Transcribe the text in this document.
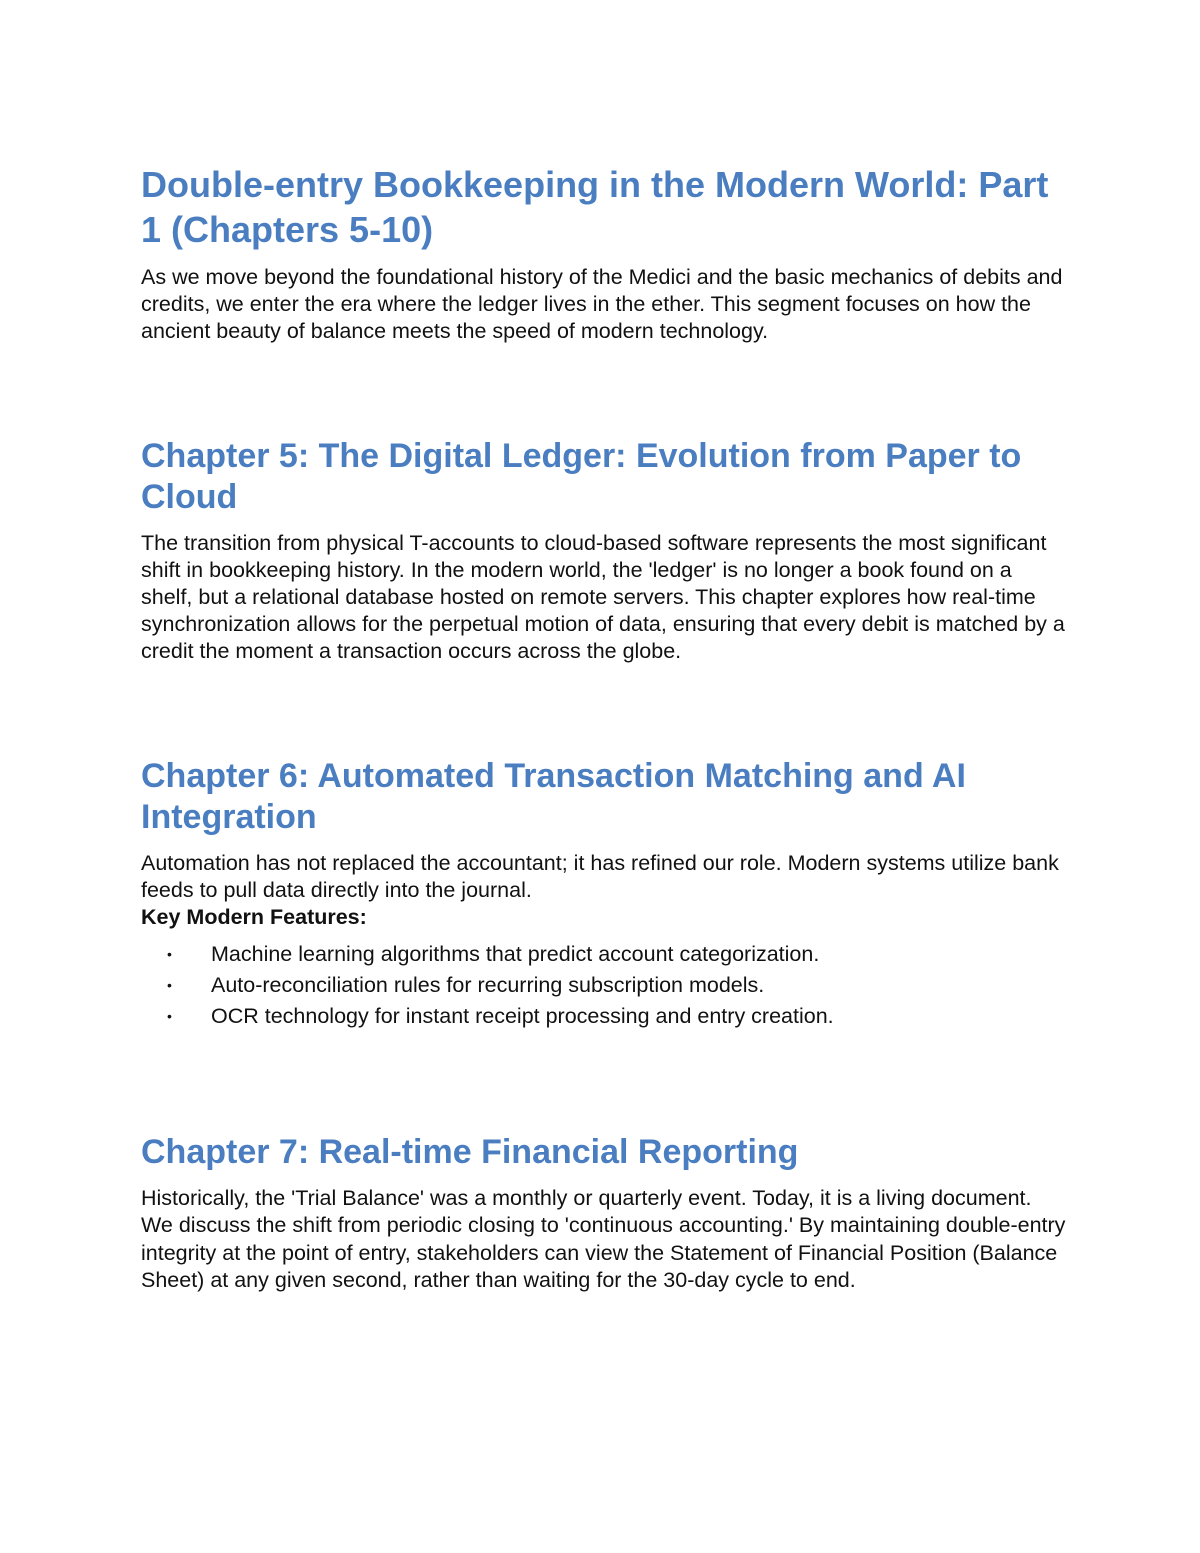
Double-entry Bookkeeping in the Modern World: Part 1 (Chapters 5-10)

As we move beyond the foundational history of the Medici and the basic mechanics of debits and credits, we enter the era where the ledger lives in the ether. This segment focuses on how the ancient beauty of balance meets the speed of modern technology.

Chapter 5: The Digital Ledger: Evolution from Paper to Cloud

The transition from physical T-accounts to cloud-based software represents the most significant shift in bookkeeping history. In the modern world, the 'ledger' is no longer a book found on a shelf, but a relational database hosted on remote servers. This chapter explores how real-time synchronization allows for the perpetual motion of data, ensuring that every debit is matched by a credit the moment a transaction occurs across the globe.

Chapter 6: Automated Transaction Matching and AI Integration

Automation has not replaced the accountant; it has refined our role. Modern systems utilize bank feeds to pull data directly into the journal.

Key Modern Features:

• Machine learning algorithms that predict account categorization.
• Auto-reconciliation rules for recurring subscription models.
• OCR technology for instant receipt processing and entry creation.
Chapter 7: Real-time Financial Reporting

Historically, the 'Trial Balance' was a monthly or quarterly event. Today, it is a living document. We discuss the shift from periodic closing to 'continuous accounting.' By maintaining double-entry integrity at the point of entry, stakeholders can view the Statement of Financial Position (Balance Sheet) at any given second, rather than waiting for the 30-day cycle to end.
